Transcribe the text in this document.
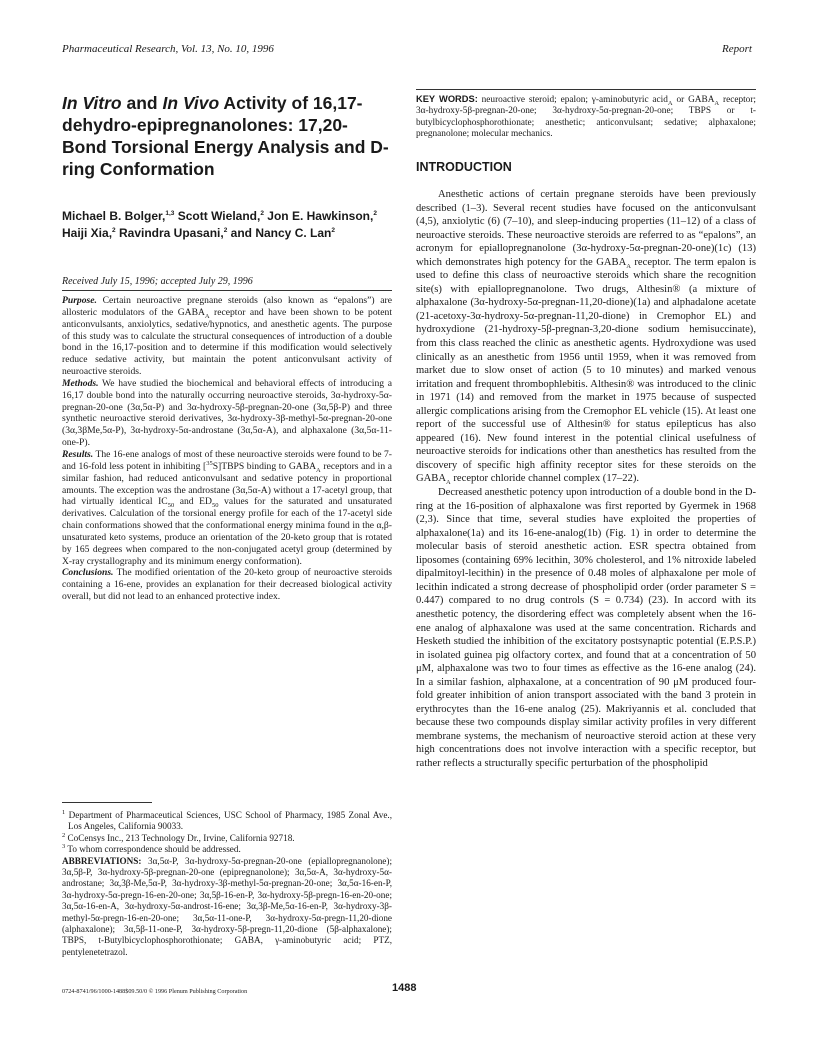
Pharmaceutical Research, Vol. 13, No. 10, 1996	Report
In Vitro and In Vivo Activity of 16,17-dehydro-epipregnanolones: 17,20-Bond Torsional Energy Analysis and D-ring Conformation
Michael B. Bolger,$^{1,3}$ Scott Wieland,$^2$ Jon E. Hawkinson,$^2$ Haiji Xia,$^2$ Ravindra Upasani,$^2$ and Nancy C. Lan$^2$
Received July 15, 1996; accepted July 29, 1996

Purpose. Certain neuroactive pregnane steroids (also known as “epalons”) are allosteric modulators of the $GABA_A$ receptor and have been shown to be potent anticonvulsants, anxiolytics, sedative/hypnotics, and anesthetic agents. The purpose of this study was to calculate the structural consequences of introduction of a double bond in the 16,17-position and to determine if this modification would selectively reduce sedative activity, but maintain the potent anticonvulsant activity of neuroactive steroids.

Methods. We have studied the biochemical and behavioral effects of introducing a 16,17 double bond into the naturally occurring neuroactive steroids, 3α-hydroxy-5α-pregnan-20-one (3α,5α-P) and 3α-hydroxy-5β-pregnan-20-one (3α,5β-P) and three synthetic neuroactive steroid derivatives, 3α-hydroxy-3β-methyl-5α-pregnan-20-one (3α,3βMe,5α-P), 3α-hydroxy-5α-androstane (3α,5α-A), and alphaxalone (3α,5α-11-one-P).

Results. The 16-ene analogs of most of these neuroactive steroids were found to be 7- and 16-fold less potent in inhibiting [$^{35}$S]TBPS binding to $GABA_A$ receptors and in a similar fashion, had reduced anticonvulsant and sedative potency in proportional amounts. The exception was the androstane (3α,5α-A) without a 17-acetyl group, that had virtually identical $IC_{50}$ and $ED_{50}$ values for the saturated and unsaturated derivatives. Calculation of the torsional energy profile for each of the 17-acetyl side chain conformations showed that the conformational energy minima found in the α,β-unsaturated keto systems, produce an orientation of the 20-keto group that is rotated by 165 degrees when compared to the non-conjugated acetyl group (determined by X-ray crystallography and its minimum energy conformation).

Conclusions. The modified orientation of the 20-keto group of neuroactive steroids containing a 16-ene, provides an explanation for their decreased biological activity overall, but did not lead to an enhanced protective index.

$^1$ Department of Pharmaceutical Sciences, USC School of Pharmacy, 1985 Zonal Ave., Los Angeles, California 90033.

$^2$ CoCensys Inc., 213 Technology Dr., Irvine, California 92718.

$^3$ To whom correspondence should be addressed.

ABBREVIATIONS: 3α,5α-P, 3α-hydroxy-5α-pregnan-20-one (epiallopregnanolone); 3α,5β-P, 3α-hydroxy-5β-pregnan-20-one (epipregnanolone); 3α,5α-A, 3α-hydroxy-5α-androstane; 3α,3β-Me,5α-P, 3α-hydroxy-3β-methyl-5α-pregnan-20-one; 3α,5α-16-en-P, 3α-hydroxy-5α-pregn-16-en-20-one; 3α,5β-16-en-P, 3α-hydroxy-5β-pregn-16-en-20-one; 3α,5α-16-en-A, 3α-hydroxy-5α-androst-16-ene; 3α,3β-Me,5α-16-en-P, 3α-hydroxy-3β-methyl-5α-pregn-16-en-20-one; 3α,5α-11-one-P, 3α-hydroxy-5α-pregn-11,20-dione (alphaxalone); 3α,5β-11-one-P, 3α-hydroxy-5β-pregn-11,20-dione (5β-alphaxalone); TBPS, t-Butylbicyclophosphorothionate; GABA, γ-aminobutyric acid; PTZ, pentylenetetrazol.

KEY WORDS: neuroactive steroid; epalon; γ-aminobutyric acid$_A$ or $GABA_A$ receptor; 3α-hydroxy-5β-pregnan-20-one; 3α-hydroxy-5α-pregnan-20-one; TBPS or t-butylbicyclophosphorothionate; anesthetic; anticonvulsant; sedative; alphaxalone; pregnanolone; molecular mechanics.
INTRODUCTION

Anesthetic actions of certain pregnane steroids have been previously described (1–3). Several recent studies have focused on the anticonvulsant (4,5), anxiolytic (6) (7–10), and sleep-inducing properties (11–12) of a class of neuroactive steroids. These neuroactive steroids are referred to as “epalons”, an acronym for epiallopregnanolone (3α-hydroxy-5α-pregnan-20-one)(1c) (13) which demonstrates high potency for the $GABA_A$ receptor. The term epalon is used to define this class of neuroactive steroids which share the recognition site(s) with epiallopregnanolone. Two drugs, Althesin® (a mixture of alphaxalone (3α-hydroxy-5α-pregnan-11,20-dione)(1a) and alphadalone acetate (21-acetoxy-3α-hydroxy-5α-pregnan-11,20-dione) in Cremophor EL) and hydroxydione (21-hydroxy-5β-pregnan-3,20-dione sodium hemisuccinate), from this class reached the clinic as anesthetic agents. Hydroxydione was used clinically as an anesthetic from 1956 until 1959, when it was removed from market due to slow onset of action (5 to 10 minutes) and marked venous irritation and frequent thrombophlebitis. Althesin® was introduced to the clinic in 1971 (14) and removed from the market in 1975 because of suspected allergic complications arising from the Cremophor EL vehicle (15). At least one report of the successful use of Althesin® for status epilepticus has also appeared (16). New found interest in the potential clinical usefulness of neuroactive steroids for indications other than anesthetics has resulted from the discovery of specific high affinity receptor sites for these steroids on the $GABA_A$ receptor chloride channel complex (17–22).

Decreased anesthetic potency upon introduction of a double bond in the D-ring at the 16-position of alphaxalone was first reported by Gyermek in 1968 (2,3). Since that time, several studies have exploited the properties of alphaxalone(1a) and its 16-ene-analog(1b) (Fig. 1) in order to determine the molecular basis of steroid anesthetic action. ESR spectra obtained from liposomes (containing 69% lecithin, 30% cholesterol, and 1% nitroxide labeled dipalmitoyl-lecithin) in the presence of 0.48 moles of alphaxalone per mole of lecithin indicated a strong decrease of phospholipid order (order parameter S = 0.447) compared to no drug controls (S = 0.734) (23). In accord with its anesthetic potency, the disordering effect was completely absent when the 16-ene analog of alphaxalone was used at the same concentration. Richards and Hesketh studied the inhibition of the excitatory postsynaptic potential (E.P.S.P.) in isolated guinea pig olfactory cortex, and found that at a concentration of 50 μM, alphaxalone was two to four times as effective as the 16-ene analog (24). In a similar fashion, alphaxalone, at a concentration of 90 μM produced four-fold greater inhibition of anion transport associated with the band 3 protein in erythrocytes than the 16-ene analog (25). Makriyannis et al. concluded that because these two compounds display similar activity profiles in very different membrane systems, the mechanism of neuroactive steroid action at these very high concentrations does not involve interaction with a specific receptor, but rather reflects a structurally specific perturbation of the phospholipid

0724-8741/96/1000-1488$09.50/0 © 1996 Plenum Publishing Corporation	1488
